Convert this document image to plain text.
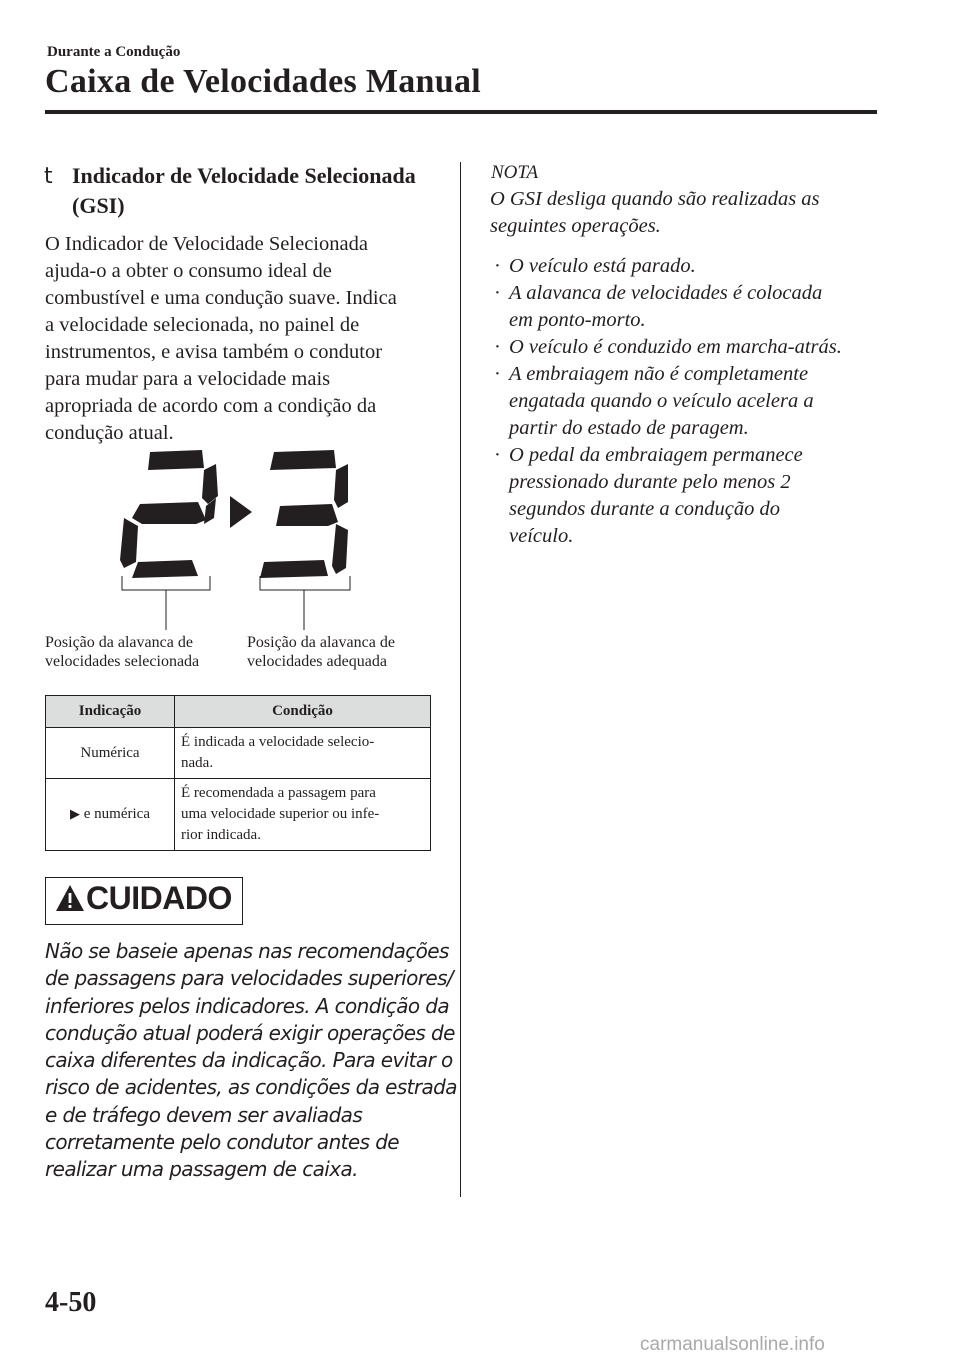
Durante a Condução
Caixa de Velocidades Manual
t Indicador de Velocidade Selecionada
(GSI)
O Indicador de Velocidade Selecionada
ajuda-o a obter o consumo ideal de
combustível e uma condução suave. Indica
a velocidade selecionada, no painel de
instrumentos, e avisa também o condutor
para mudar para a velocidade mais
apropriada de acordo com a condição da
condução atual.
Posição da alavanca de
velocidades selecionada
Posição da alavanca de
velocidades adequada
Indicação	Condição
Numérica	É indicada a velocidade selecio-
nada.

▶ e numérica	É recomendada a passagem para
uma velocidade superior ou infe-
rior indicada.
CUIDADO
Não se baseie apenas nas recomendações
de passagens para velocidades superiores/
inferiores pelos indicadores. A condição da
condução atual poderá exigir operações de
caixa diferentes da indicação. Para evitar o
risco de acidentes, as condições da estrada
e de tráfego devem ser avaliadas
corretamente pelo condutor antes de
realizar uma passagem de caixa.
NOTA
O GSI desliga quando são realizadas as
seguintes operações.
· O veículo está parado.
· A alavanca de velocidades é colocada
em ponto-morto.
· O veículo é conduzido em marcha-atrás.
· A embraiagem não é completamente
engatada quando o veículo acelera a
partir do estado de paragem.
· O pedal da embraiagem permanece
pressionado durante pelo menos 2
segundos durante a condução do
veículo.
4-50
carmanualsonline.info
